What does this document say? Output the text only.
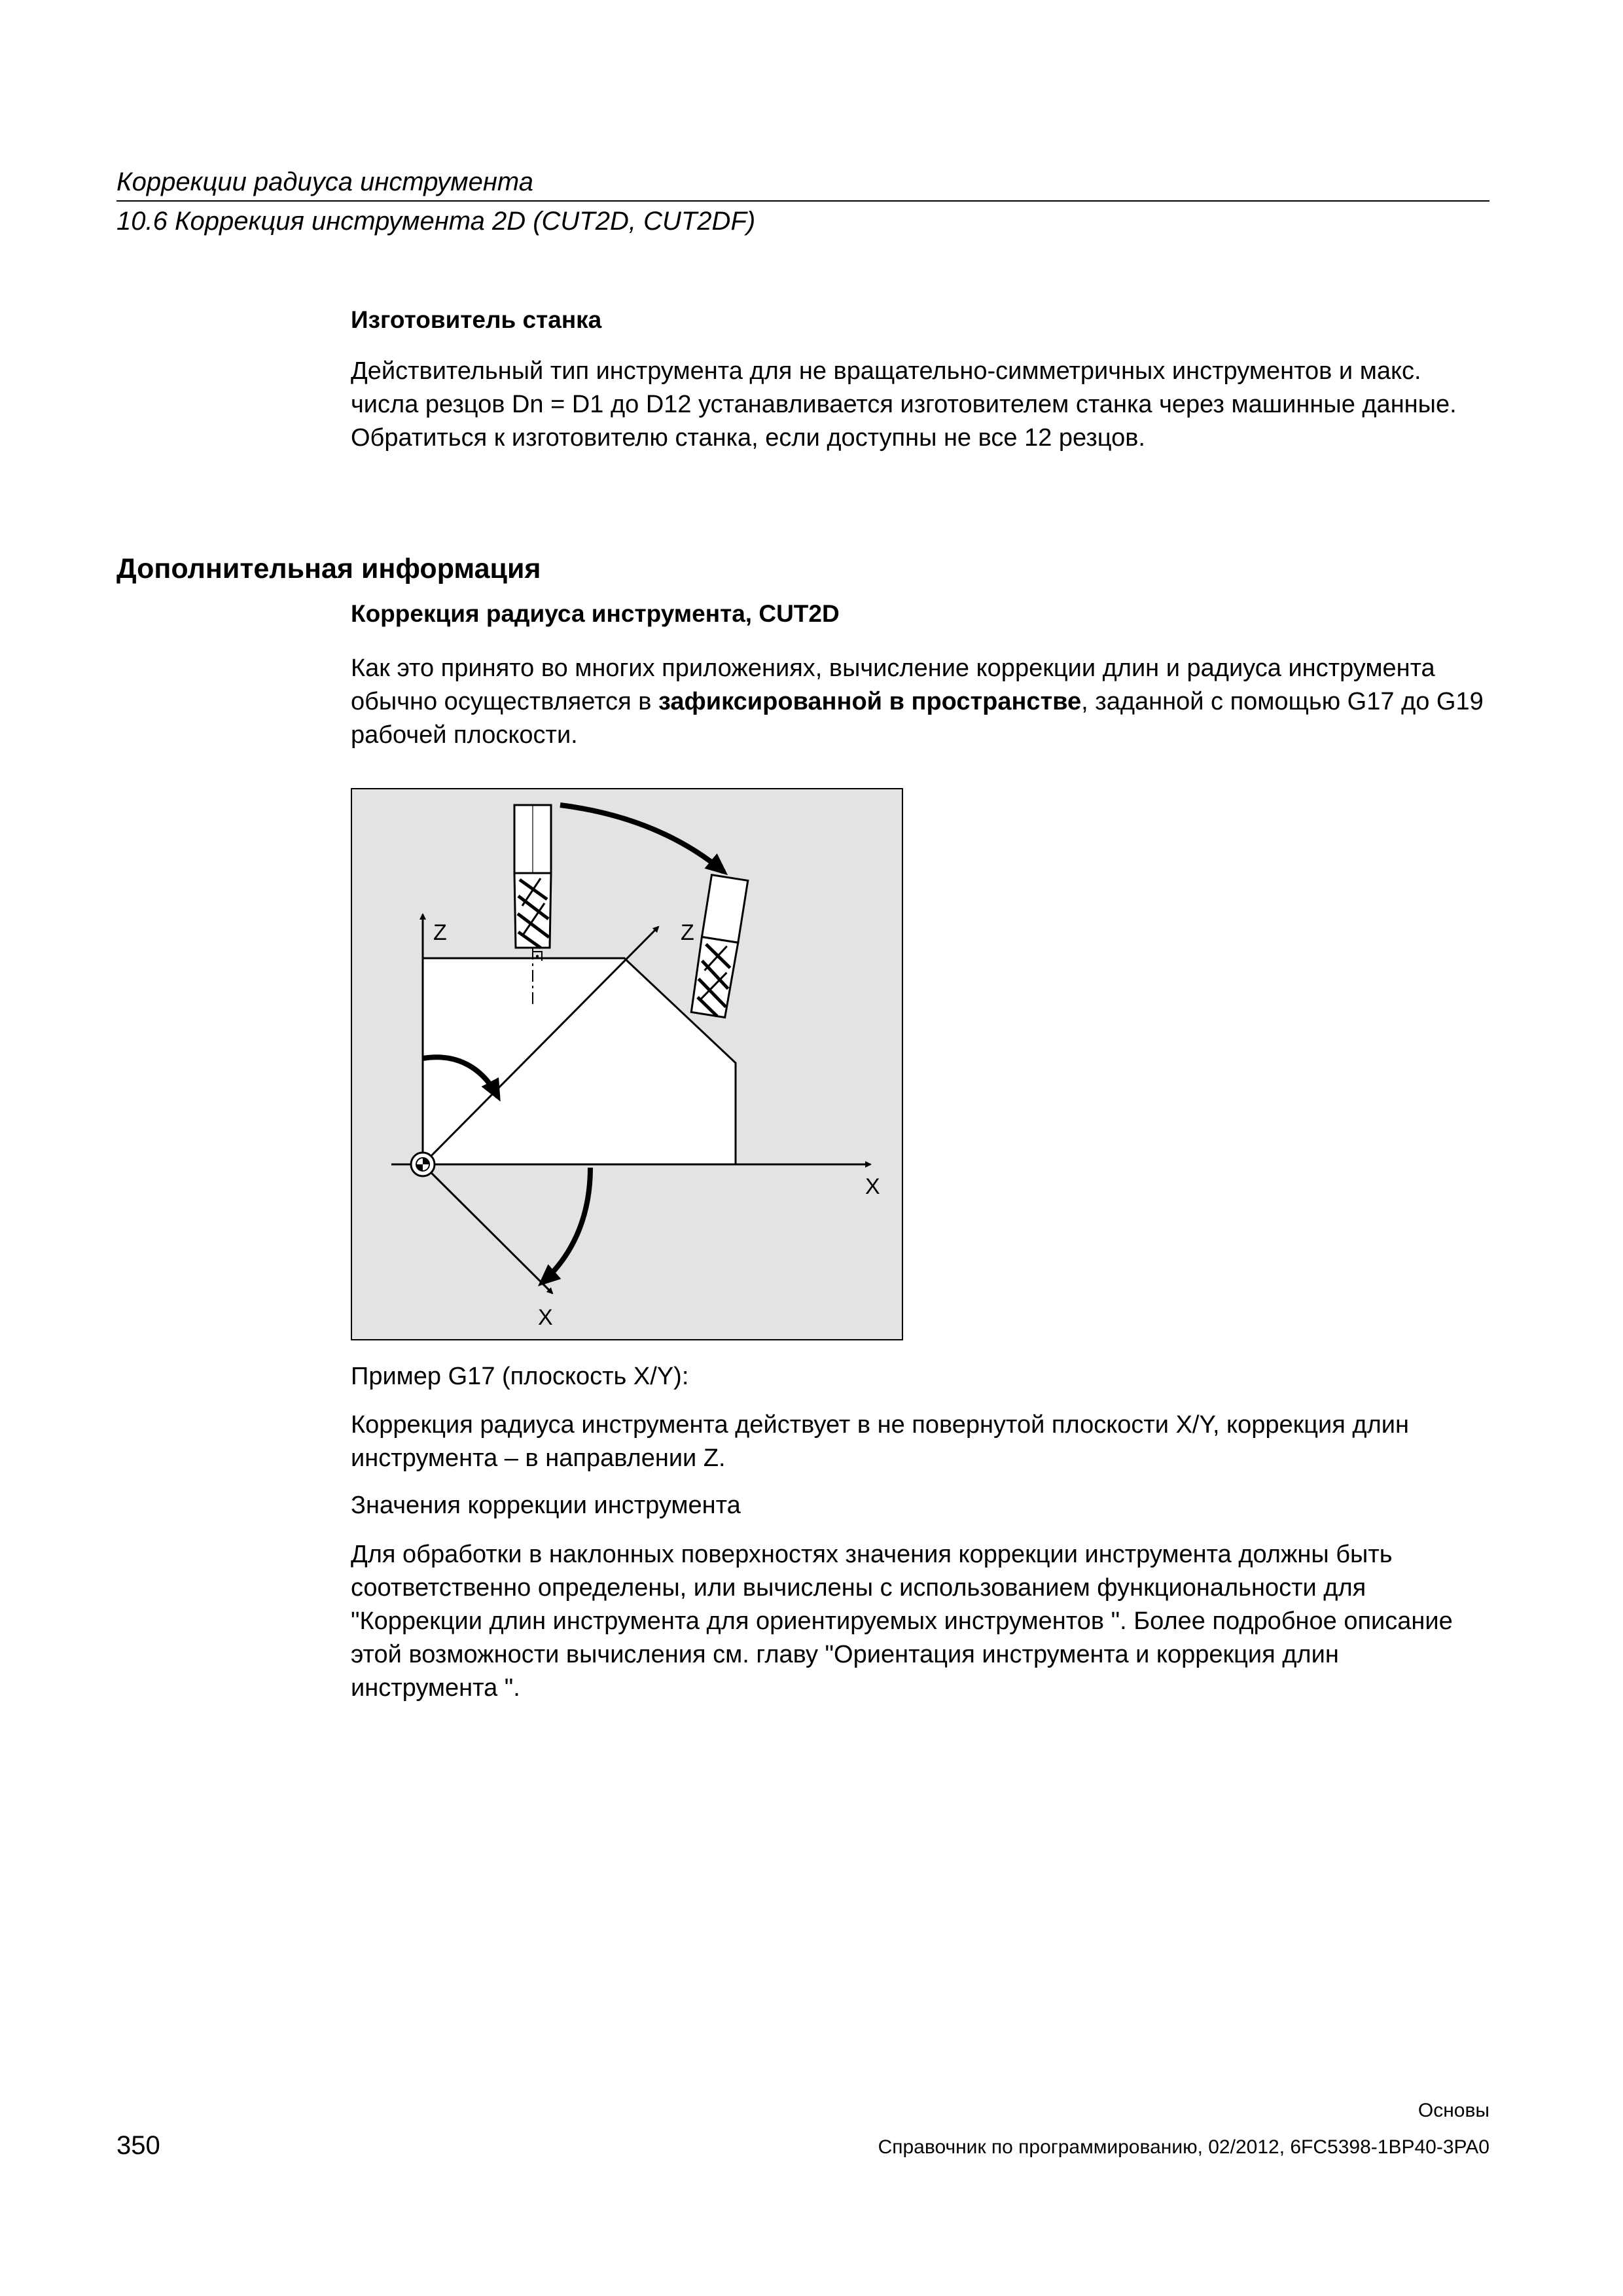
Коррекции радиуса инструмента
10.6 Коррекция инструмента 2D (CUT2D, CUT2DF)
Изготовитель станка
Действительный тип инструмента для не вращательно-симметричных инструментов и макс. числа резцов Dn = D1 до D12 устанавливается изготовителем станка через машинные данные. Обратиться к изготовителю станка, если доступны не все 12 резцов.
Дополнительная информация
Коррекция радиуса инструмента, CUT2D
Как это принято во многих приложениях, вычисление коррекции длин и радиуса инструмента обычно осуществляется в зафиксированной в пространстве, заданной с помощью G17 до G19 рабочей плоскости.
Z	Z
X
X
Пример G17 (плоскость X/Y):
Коррекция радиуса инструмента действует в не повернутой плоскости X/Y, коррекция длин инструмента – в направлении Z.
Значения коррекции инструмента
Для обработки в наклонных поверхностях значения коррекции инструмента должны быть соответственно определены, или вычислены с использованием функциональности для "Коррекции длин инструмента для ориентируемых инструментов ". Более подробное описание этой возможности вычисления см. главу "Ориентация инструмента и коррекция длин инструмента ".
Основы
350	Справочник по программированию, 02/2012, 6FC5398-1BP40-3PA0
